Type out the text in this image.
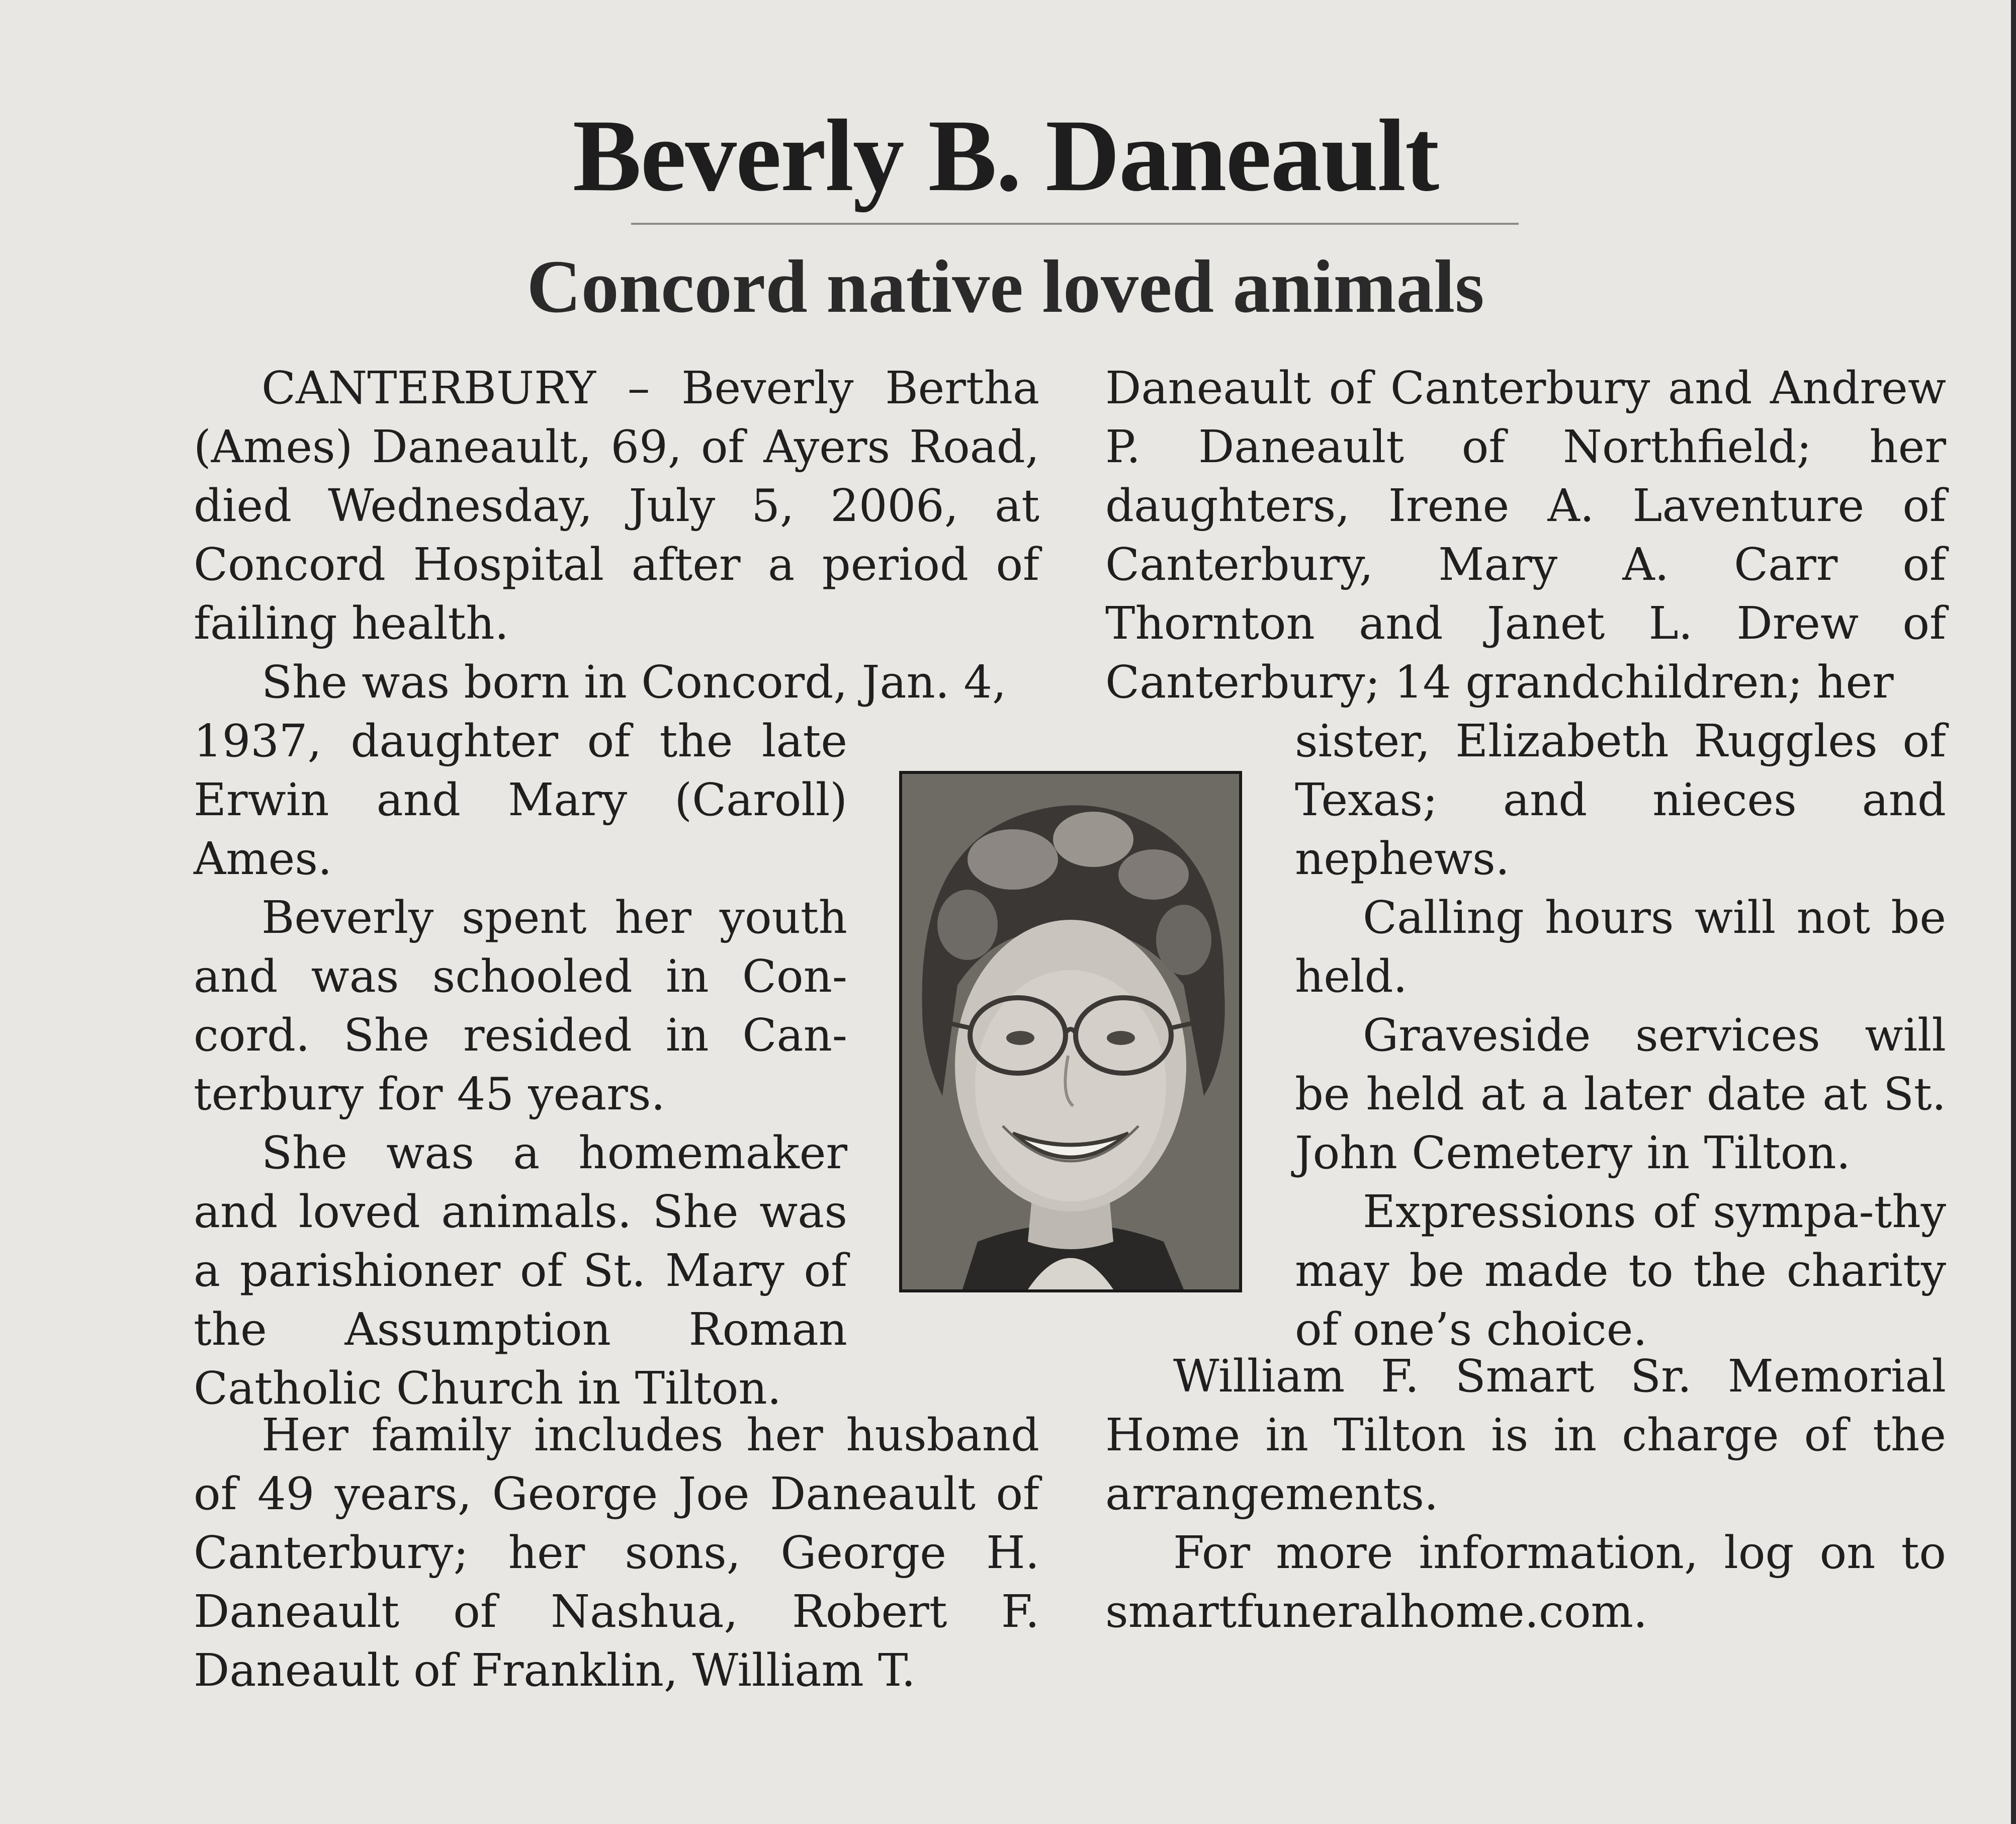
Beverly B. Daneault
Concord native loved animals

CANTERBURY – Beverly Bertha (Ames) Daneault, 69, of Ayers Road, died Wednesday, July 5, 2006, at Concord Hospital after a period of failing health.

She was born in Concord, Jan. 4,

1937, daughter of the late Erwin and Mary (Caroll) Ames.

Beverly spent her youth and was schooled in Con-cord. She resided in Can-terbury for 45 years.

She was a homemaker and loved animals. She was a parishioner of St. Mary of the Assumption Roman Catholic Church in Tilton.

Her family includes her husband of 49 years, George Joe Daneault of Canterbury; her sons, George H. Daneault of Nashua, Robert F. Daneault of Franklin, William T.

Daneault of Canterbury and Andrew P. Daneault of Northfield; her daughters, Irene A. Laventure of Canterbury, Mary A. Carr of Thornton and Janet L. Drew of Canterbury; 14 grandchildren; her

sister, Elizabeth Ruggles of Texas; and nieces and nephews.

Calling hours will not be held.

Graveside services will be held at a later date at St. John Cemetery in Tilton.

Expressions of sympa-thy may be made to the charity of one’s choice.

William F. Smart Sr. Memorial Home in Tilton is in charge of the arrangements.

For more information, log on to smartfuneralhome.com.
